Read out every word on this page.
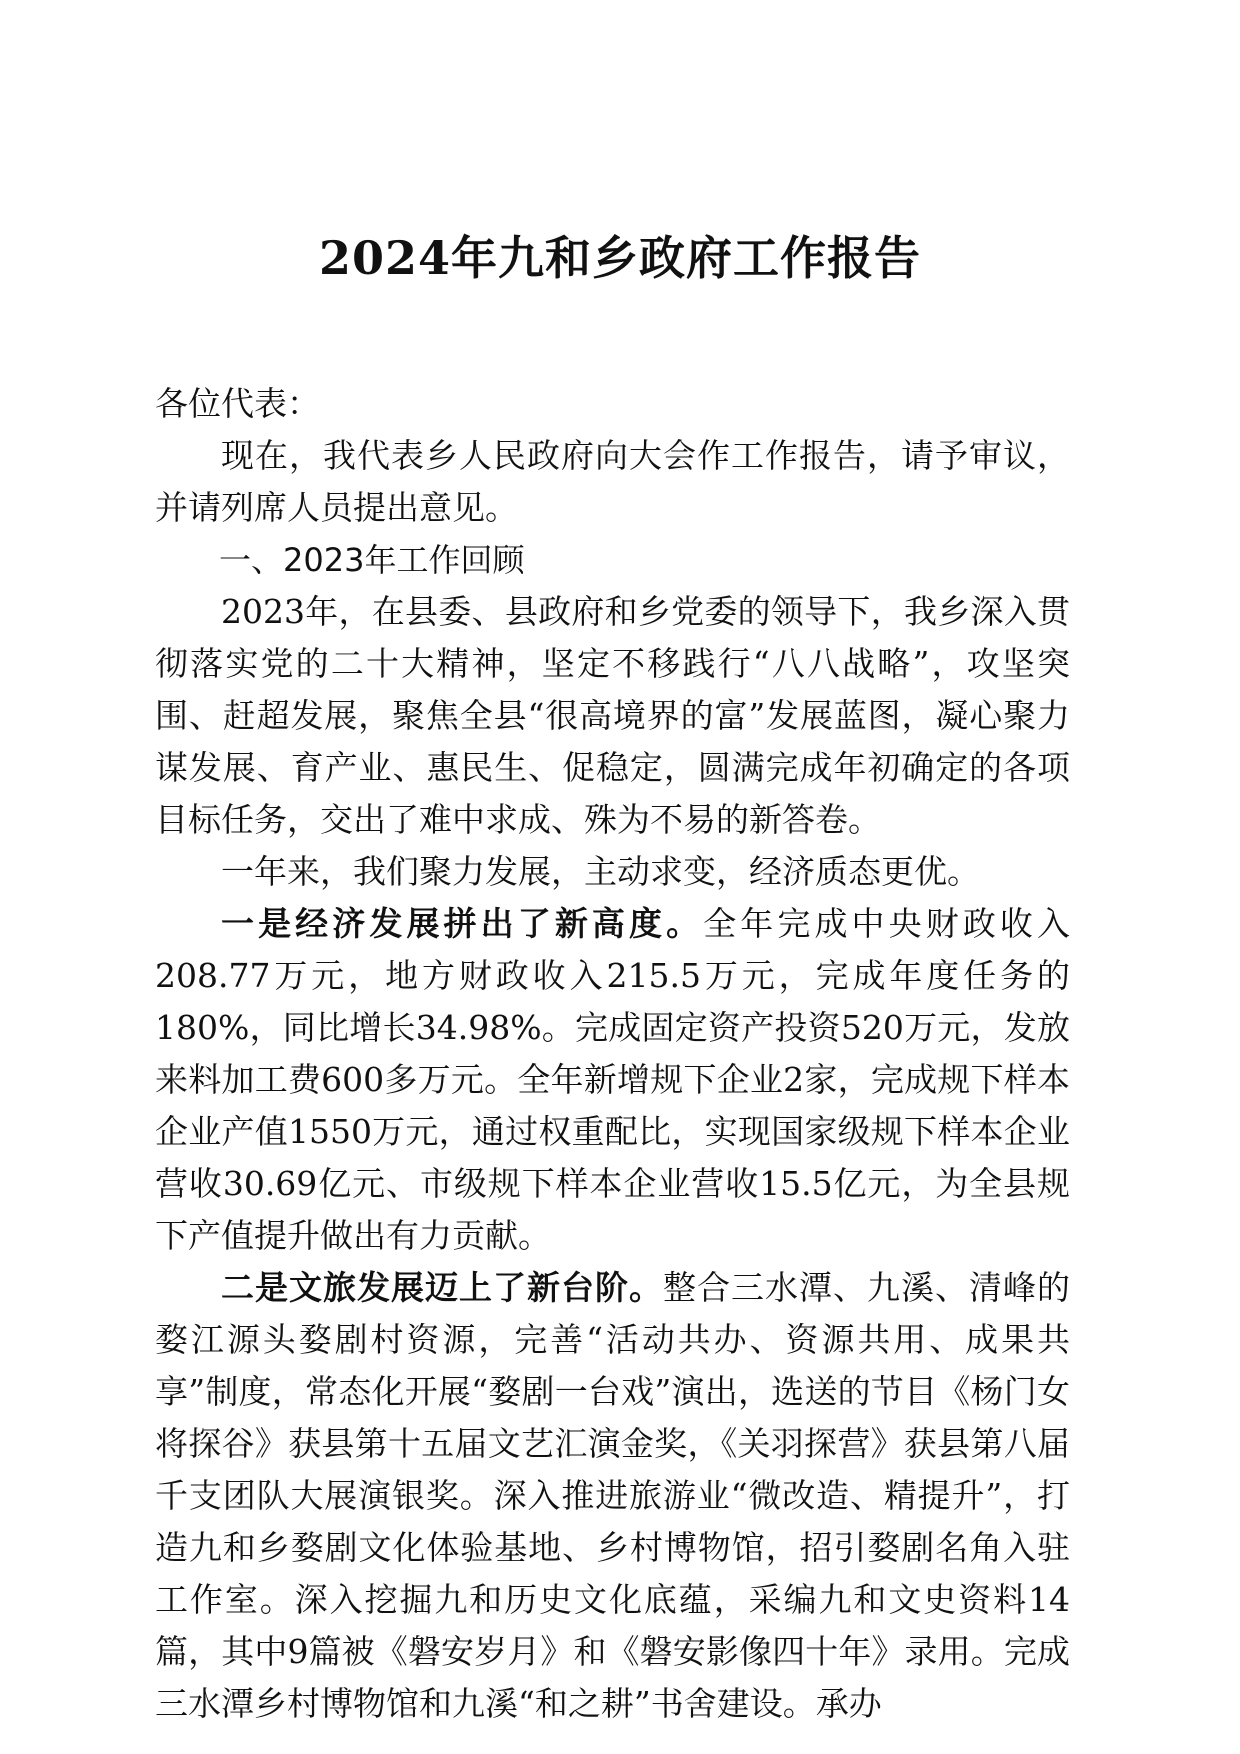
2024年九和乡政府工作报告

各位代表：

现在，我代表乡人民政府向大会作工作报告，请予审议，并请列席人员提出意见。

一、2023年工作回顾

2023年，在县委、县政府和乡党委的领导下，我乡深入贯彻落实党的二十大精神，坚定不移践行“八八战略”，攻坚突围、赶超发展，聚焦全县“很高境界的富”发展蓝图，凝心聚力谋发展、育产业、惠民生、促稳定，圆满完成年初确定的各项目标任务，交出了难中求成、殊为不易的新答卷。

一年来，我们聚力发展，主动求变，经济质态更优。

一是经济发展拼出了新高度。全年完成中央财政收入208.77万元，地方财政收入215.5万元，完成年度任务的180%，同比增长34.98%。完成固定资产投资520万元，发放来料加工费600多万元。全年新增规下企业2家，完成规下样本企业产值1550万元，通过权重配比，实现国家级规下样本企业营收30.69亿元、市级规下样本企业营收15.5亿元，为全县规下产值提升做出有力贡献。

二是文旅发展迈上了新台阶。整合三水潭、九溪、清峰的婺江源头婺剧村资源，完善“活动共办、资源共用、成果共享”制度，常态化开展“婺剧一台戏”演出，选送的节目《杨门女将探谷》获县第十五届文艺汇演金奖，《关羽探营》获县第八届千支团队大展演银奖。深入推进旅游业“微改造、精提升”，打造九和乡婺剧文化体验基地、乡村博物馆，招引婺剧名角入驻工作室。深入挖掘九和历史文化底蕴，采编九和文史资料14篇，其中9篇被《磐安岁月》和《磐安影像四十年》录用。完成三水潭乡村博物馆和九溪“和之耕”书舍建设。承办
